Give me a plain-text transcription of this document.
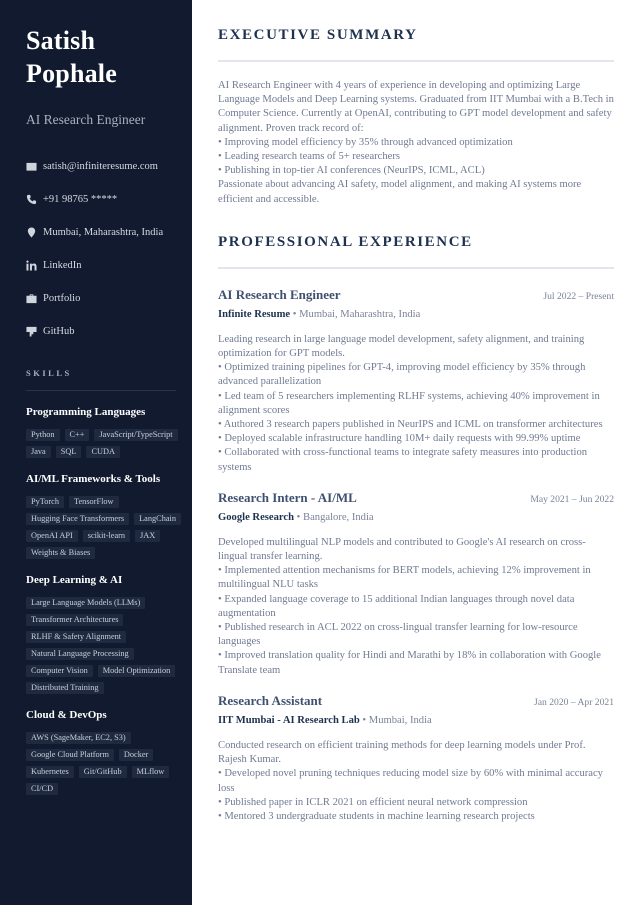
Satish
Pophale
AI Research Engineer
satish@infiniteresume.com
+91 98765 *****
Mumbai, Maharashtra, India
LinkedIn
Portfolio
GitHub
SKILLS
Programming Languages
Python	C++	JavaScript/TypeScript
Java	SQL	CUDA
AI/ML Frameworks & Tools
PyTorch	TensorFlow
Hugging Face Transformers	LangChain
OpenAI API	scikit-learn	JAX
Weights & Biases
Deep Learning & AI
Large Language Models (LLMs)
Transformer Architectures
RLHF & Safety Alignment
Natural Language Processing
Computer Vision	Model Optimization
Distributed Training
Cloud & DevOps
AWS (SageMaker, EC2, S3)
Google Cloud Platform	Docker
Kubernetes	Git/GitHub	MLflow
CI/CD
EXECUTIVE SUMMARY
AI Research Engineer with 4 years of experience in developing and optimizing Large Language Models and Deep Learning systems. Graduated from IIT Mumbai with a B.Tech in Computer Science. Currently at OpenAI, contributing to GPT model development and safety alignment. Proven track record of:
• Improving model efficiency by 35% through advanced optimization
• Leading research teams of 5+ researchers
• Publishing in top-tier AI conferences (NeurIPS, ICML, ACL)
Passionate about advancing AI safety, model alignment, and making AI systems more efficient and accessible.
PROFESSIONAL EXPERIENCE
AI Research Engineer	Jul 2022 – Present
Infinite Resume • Mumbai, Maharashtra, India
Leading research in large language model development, safety alignment, and training optimization for GPT models.
• Optimized training pipelines for GPT-4, improving model efficiency by 35% through advanced parallelization
• Led team of 5 researchers implementing RLHF systems, achieving 40% improvement in alignment scores
• Authored 3 research papers published in NeurIPS and ICML on transformer architectures
• Deployed scalable infrastructure handling 10M+ daily requests with 99.99% uptime
• Collaborated with cross-functional teams to integrate safety measures into production systems
Research Intern - AI/ML	May 2021 – Jun 2022
Google Research • Bangalore, India
Developed multilingual NLP models and contributed to Google's AI research on cross-lingual transfer learning.
• Implemented attention mechanisms for BERT models, achieving 12% improvement in multilingual NLU tasks
• Expanded language coverage to 15 additional Indian languages through novel data augmentation
• Published research in ACL 2022 on cross-lingual transfer learning for low-resource languages
• Improved translation quality for Hindi and Marathi by 18% in collaboration with Google Translate team
Research Assistant	Jan 2020 – Apr 2021
IIT Mumbai - AI Research Lab • Mumbai, India
Conducted research on efficient training methods for deep learning models under Prof. Rajesh Kumar.
• Developed novel pruning techniques reducing model size by 60% with minimal accuracy loss
• Published paper in ICLR 2021 on efficient neural network compression
• Mentored 3 undergraduate students in machine learning research projects
